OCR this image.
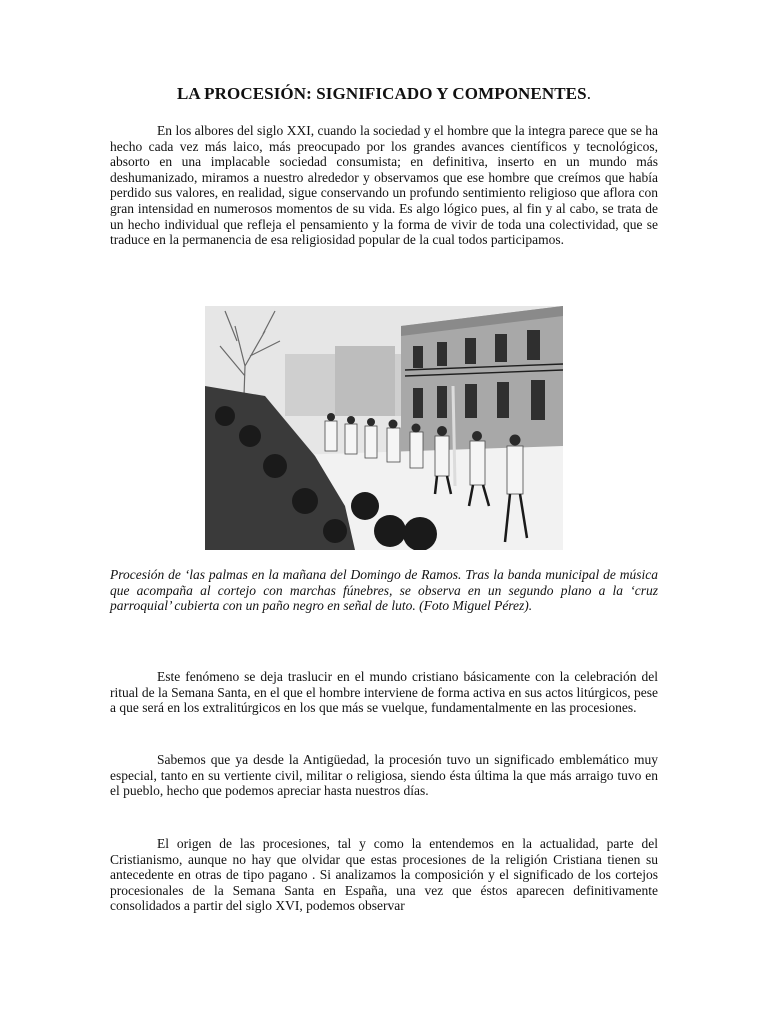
LA PROCESIÓN: SIGNIFICADO Y COMPONENTES.

En los albores del siglo XXI, cuando la sociedad y el hombre que la integra parece que se ha hecho cada vez más laico, más preocupado por los grandes avances científicos y tecnológicos, absorto en una implacable sociedad consumista; en definitiva, inserto en un mundo más deshumanizado, miramos a nuestro alrededor y observamos que ese hombre que creímos que había perdido sus valores, en realidad, sigue conservando un profundo sentimiento religioso que aflora con gran intensidad en numerosos momentos de su vida. Es algo lógico pues, al fin y al cabo, se trata de un hecho individual que refleja el pensamiento y la forma de vivir de toda una colectividad, que se traduce en la permanencia de esa religiosidad popular de la cual todos participamos.

Procesión de ‘las palmas en la mañana del Domingo de Ramos. Tras la banda municipal de música que acompaña al cortejo con marchas fúnebres, se observa en un segundo plano a la ‘cruz parroquial’ cubierta con un paño negro en señal de luto. (Foto Miguel Pérez).

Este fenómeno se deja traslucir en el mundo cristiano básicamente con la celebración del ritual de la Semana Santa, en el que el hombre interviene de forma activa en sus actos litúrgicos, pese a que será en los extralitúrgicos en los que más se vuelque, fundamentalmente en las procesiones.

Sabemos que ya desde la Antigüedad, la procesión tuvo un significado emblemático muy especial, tanto en su vertiente civil, militar o religiosa, siendo ésta última la que más arraigo tuvo en el pueblo, hecho que podemos apreciar hasta nuestros días.

El origen de las procesiones, tal y como la entendemos en la actualidad, parte del Cristianismo, aunque no hay que olvidar que estas procesiones de la religión Cristiana tienen su antecedente en otras de tipo pagano . Si analizamos la composición y el significado de los cortejos procesionales de la Semana Santa en España, una vez que éstos aparecen definitivamente consolidados a partir del siglo XVI, podemos observar
